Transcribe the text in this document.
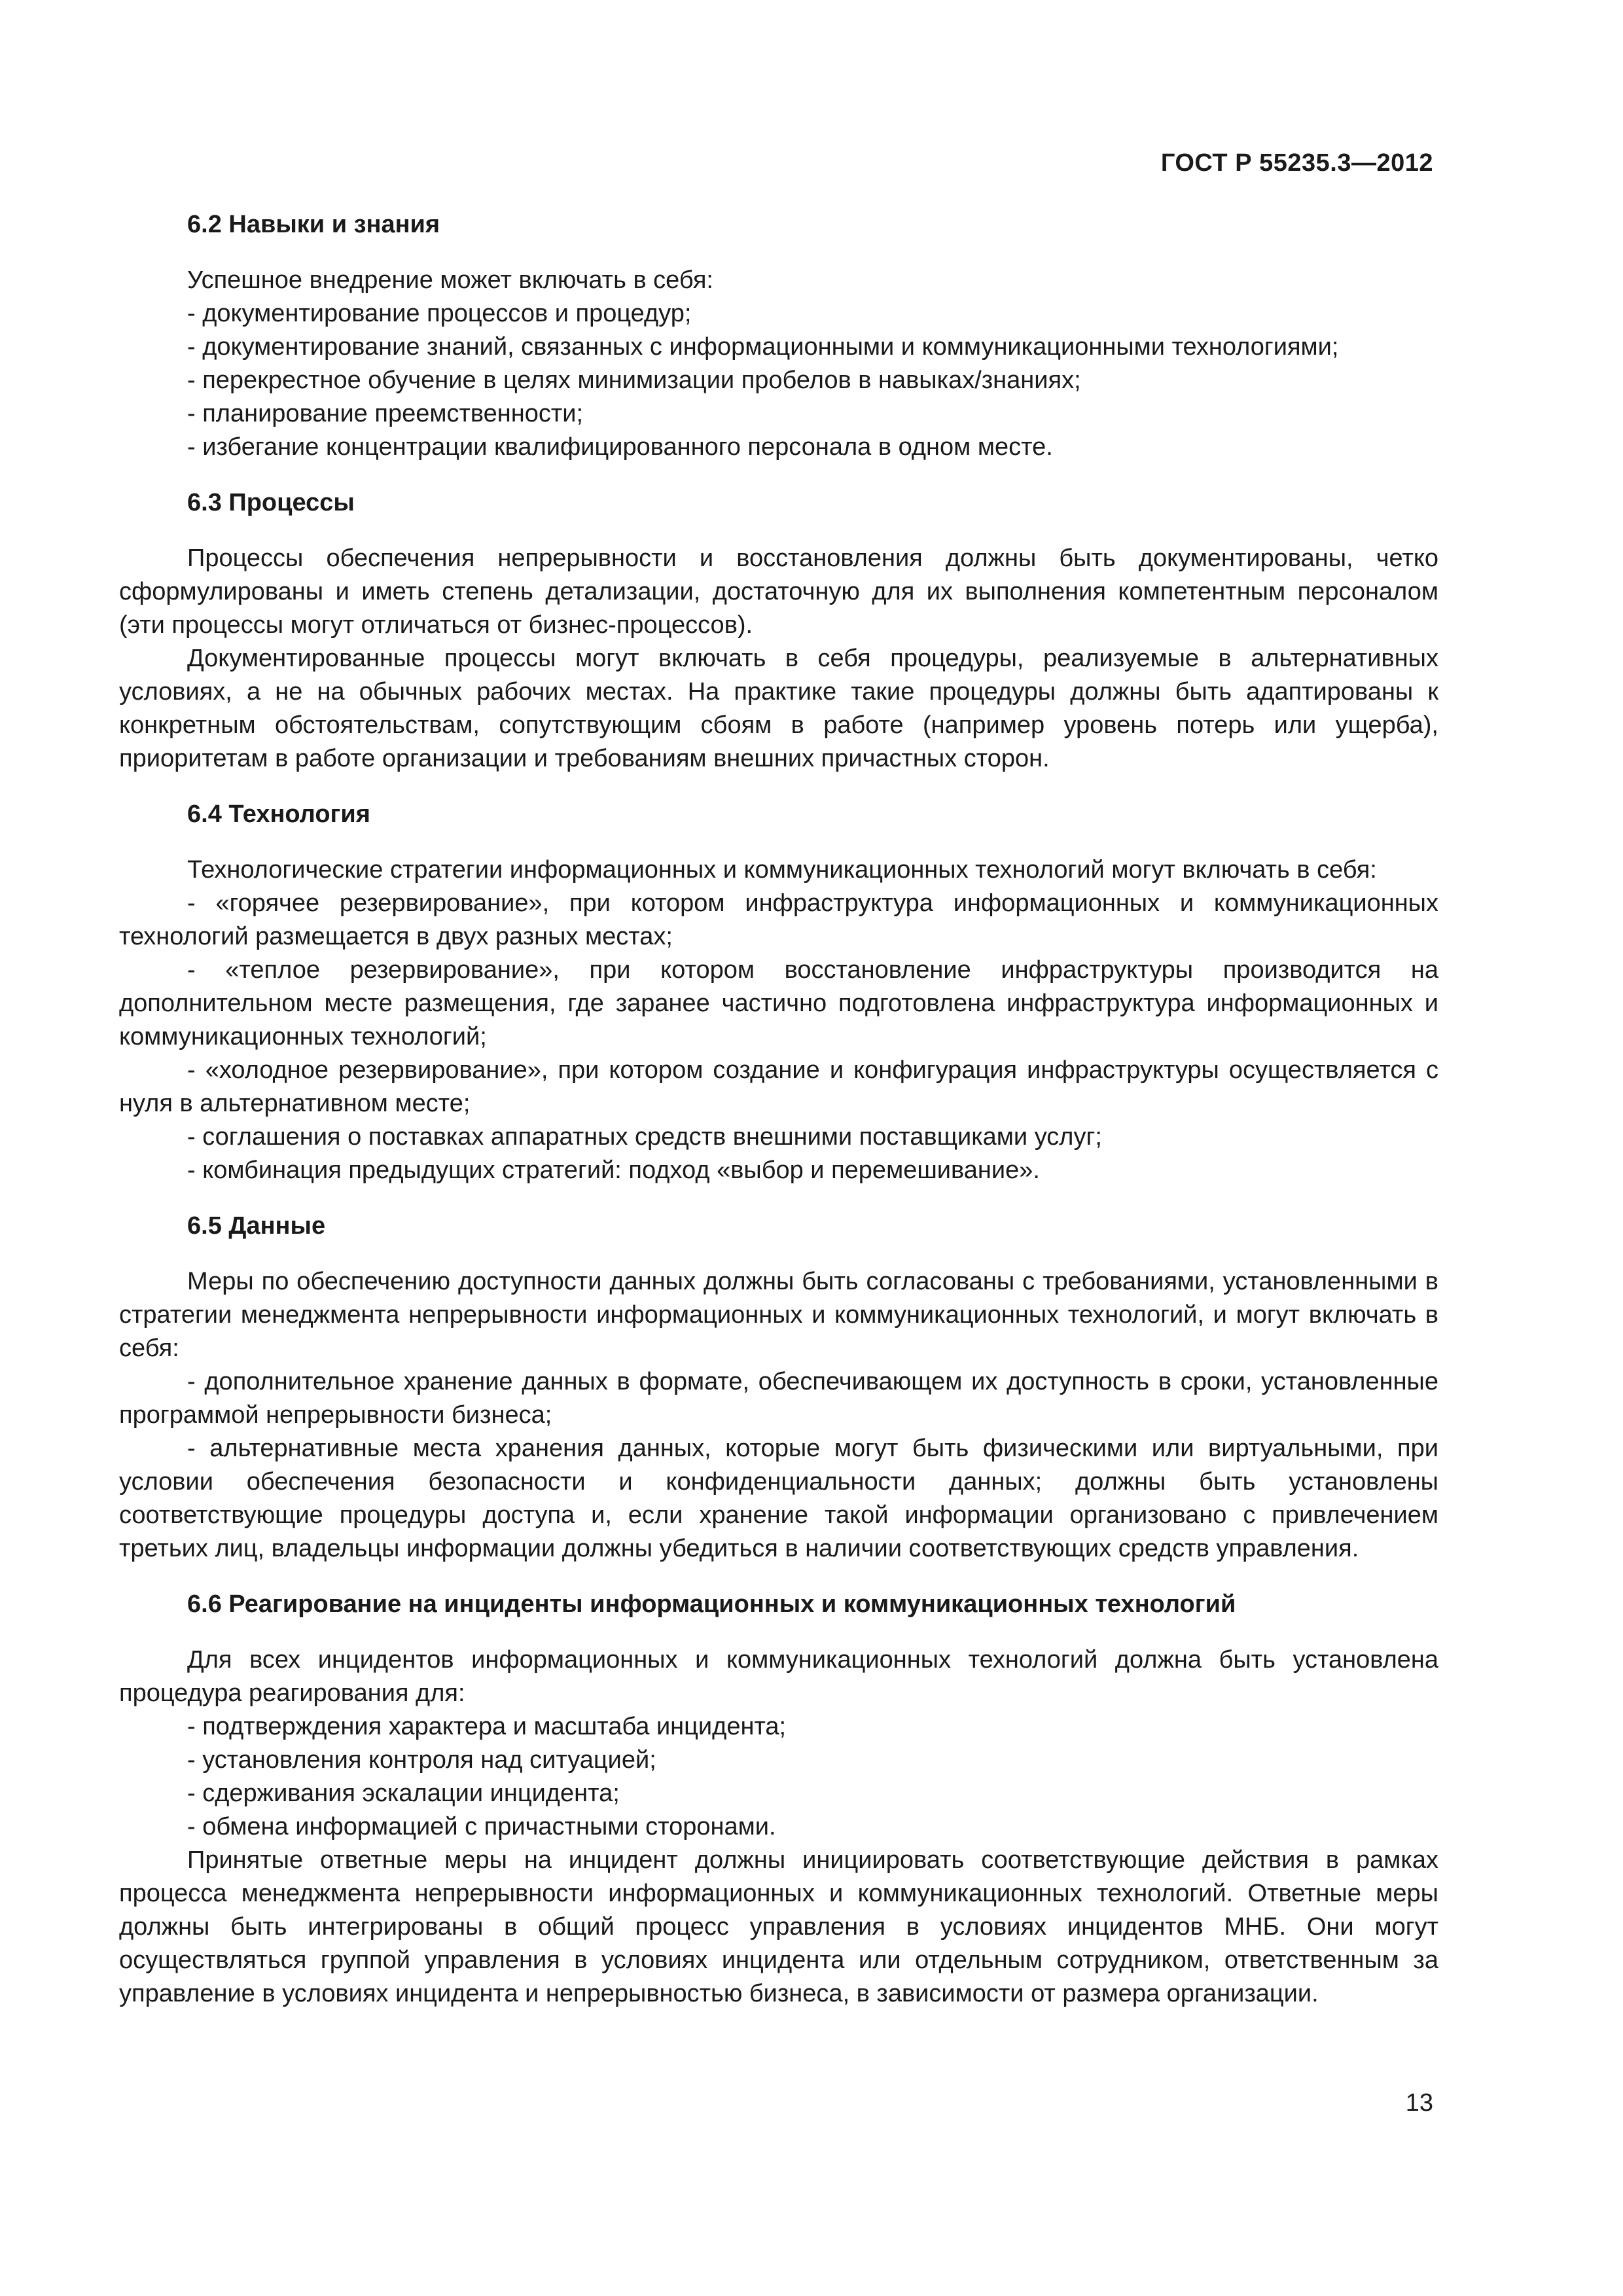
ГОСТ Р 55235.3—2012

6.2 Навыки и знания

Успешное внедрение может включать в себя:

- документирование процессов и процедур;

- документирование знаний, связанных с информационными и коммуникационными технологиями;

- перекрестное обучение в целях минимизации пробелов в навыках/знаниях;

- планирование преемственности;

- избегание концентрации квалифицированного персонала в одном месте.

6.3 Процессы

Процессы обеспечения непрерывности и восстановления должны быть документированы, четко сформулированы и иметь степень детализации, достаточную для их выполнения компетентным персоналом (эти процессы могут отличаться от бизнес-процессов).

Документированные процессы могут включать в себя процедуры, реализуемые в альтернативных условиях, а не на обычных рабочих местах. На практике такие процедуры должны быть адаптированы к конкретным обстоятельствам, сопутствующим сбоям в работе (например уровень потерь или ущерба), приоритетам в работе организации и требованиям внешних причастных сторон.

6.4 Технология

Технологические стратегии информационных и коммуникационных технологий могут включать в себя:

- «горячее резервирование», при котором инфраструктура информационных и коммуникационных технологий размещается в двух разных местах;

- «теплое резервирование», при котором восстановление инфраструктуры производится на дополнительном месте размещения, где заранее частично подготовлена инфраструктура информационных и коммуникационных технологий;

- «холодное резервирование», при котором создание и конфигурация инфраструктуры осуществляется с нуля в альтернативном месте;

- соглашения о поставках аппаратных средств внешними поставщиками услуг;

- комбинация предыдущих стратегий: подход «выбор и перемешивание».

6.5 Данные

Меры по обеспечению доступности данных должны быть согласованы с требованиями, установленными в стратегии менеджмента непрерывности информационных и коммуникационных технологий, и могут включать в себя:

- дополнительное хранение данных в формате, обеспечивающем их доступность в сроки, установленные программой непрерывности бизнеса;

- альтернативные места хранения данных, которые могут быть физическими или виртуальными, при условии обеспечения безопасности и конфиденциальности данных; должны быть установлены соответствующие процедуры доступа и, если хранение такой информации организовано с привлечением третьих лиц, владельцы информации должны убедиться в наличии соответствующих средств управления.

6.6 Реагирование на инциденты информационных и коммуникационных технологий

Для всех инцидентов информационных и коммуникационных технологий должна быть установлена процедура реагирования для:

- подтверждения характера и масштаба инцидента;

- установления контроля над ситуацией;

- сдерживания эскалации инцидента;

- обмена информацией с причастными сторонами.

Принятые ответные меры на инцидент должны инициировать соответствующие действия в рамках процесса менеджмента непрерывности информационных и коммуникационных технологий. Ответные меры должны быть интегрированы в общий процесс управления в условиях инцидентов МНБ. Они могут осуществляться группой управления в условиях инцидента или отдельным сотрудником, ответственным за управление в условиях инцидента и непрерывностью бизнеса, в зависимости от размера организации.

13
